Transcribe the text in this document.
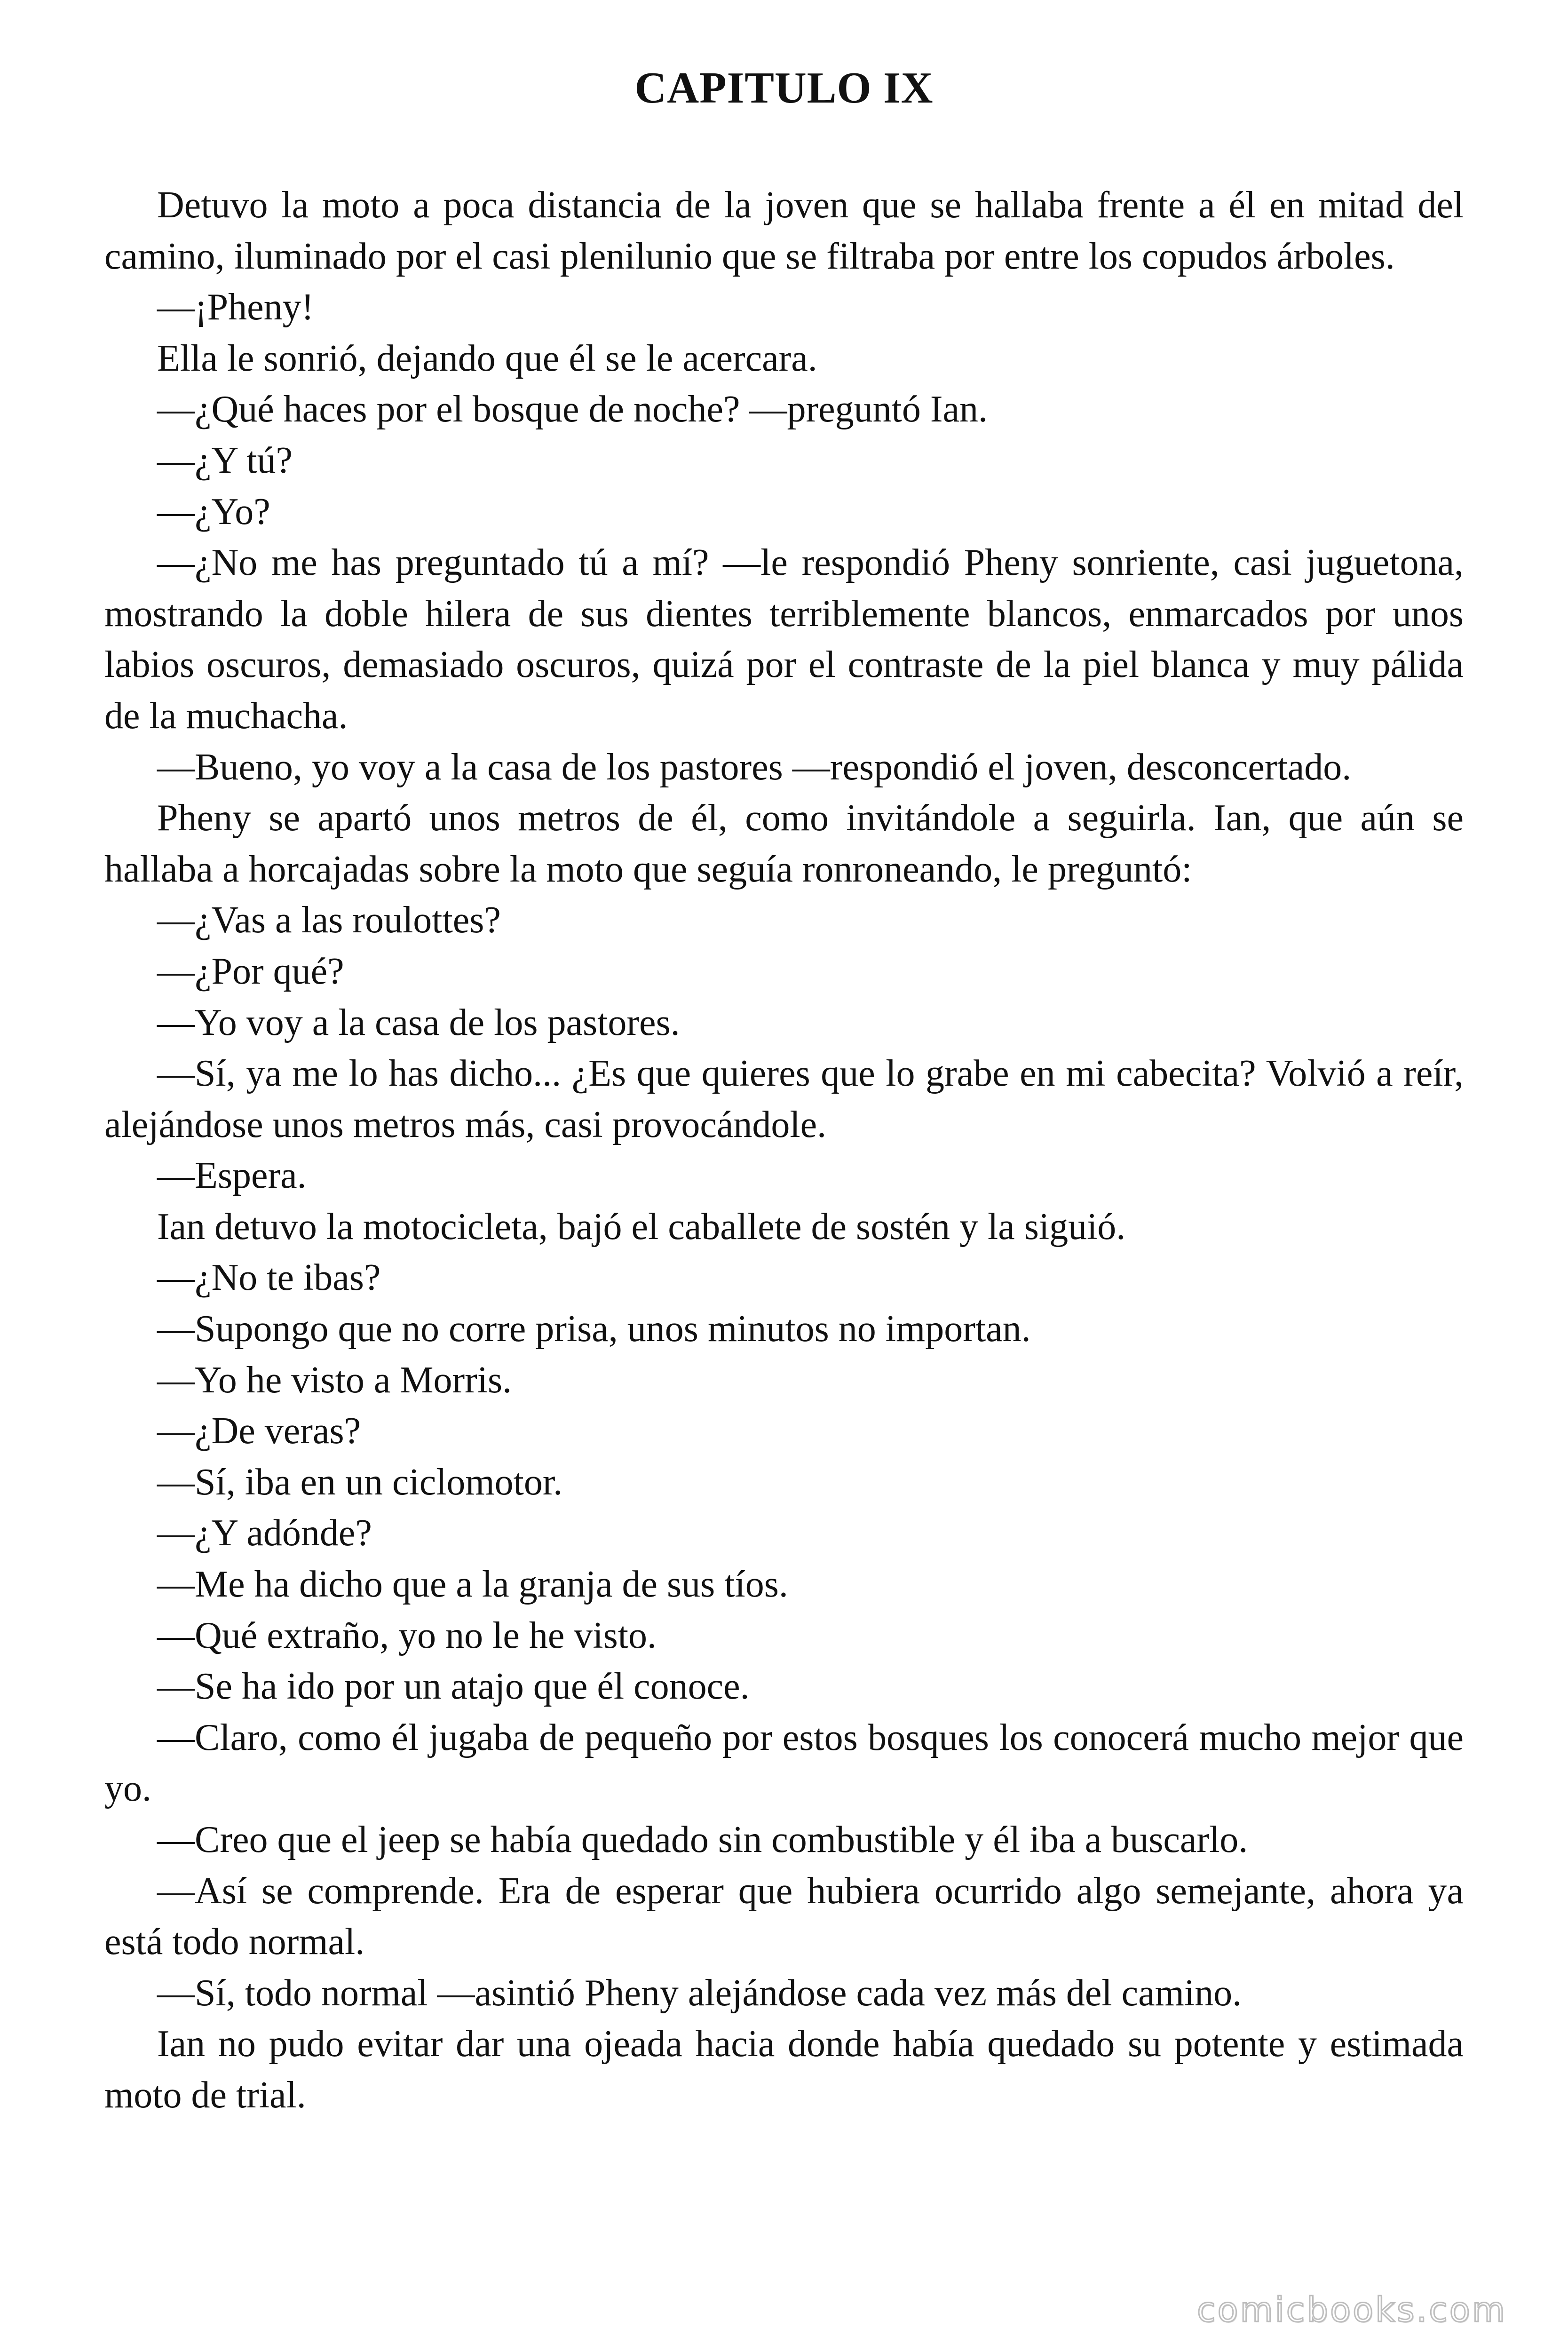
CAPITULO IX

Detuvo la moto a poca distancia de la joven que se hallaba frente a él en mitad del camino, iluminado por el casi plenilunio que se filtraba por entre los copudos árboles.

—¡Pheny!

Ella le sonrió, dejando que él se le acercara.

—¿Qué haces por el bosque de noche? —preguntó Ian.

—¿Y tú?

—¿Yo?

—¿No me has preguntado tú a mí? —le respondió Pheny sonriente, casi juguetona, mostrando la doble hilera de sus dientes terriblemente blancos, enmarcados por unos labios oscuros, demasiado oscuros, quizá por el contraste de la piel blanca y muy pálida de la muchacha.

—Bueno, yo voy a la casa de los pastores —respondió el joven, desconcertado.

Pheny se apartó unos metros de él, como invitándole a seguirla. Ian, que aún se hallaba a horcajadas sobre la moto que seguía ronroneando, le preguntó:

—¿Vas a las roulottes?

—¿Por qué?

—Yo voy a la casa de los pastores.

—Sí, ya me lo has dicho... ¿Es que quieres que lo grabe en mi cabecita? Volvió a reír, alejándose unos metros más, casi provocándole.

—Espera.

Ian detuvo la motocicleta, bajó el caballete de sostén y la siguió.

—¿No te ibas?

—Supongo que no corre prisa, unos minutos no importan.

—Yo he visto a Morris.

—¿De veras?

—Sí, iba en un ciclomotor.

—¿Y adónde?

—Me ha dicho que a la granja de sus tíos.

—Qué extraño, yo no le he visto.

—Se ha ido por un atajo que él conoce.

—Claro, como él jugaba de pequeño por estos bosques los conocerá mucho mejor que yo.

—Creo que el jeep se había quedado sin combustible y él iba a buscarlo.

—Así se comprende. Era de esperar que hubiera ocurrido algo semejante, ahora ya está todo normal.

—Sí, todo normal —asintió Pheny alejándose cada vez más del camino.

Ian no pudo evitar dar una ojeada hacia donde había quedado su potente y estimada moto de trial.

comicbooks.com
